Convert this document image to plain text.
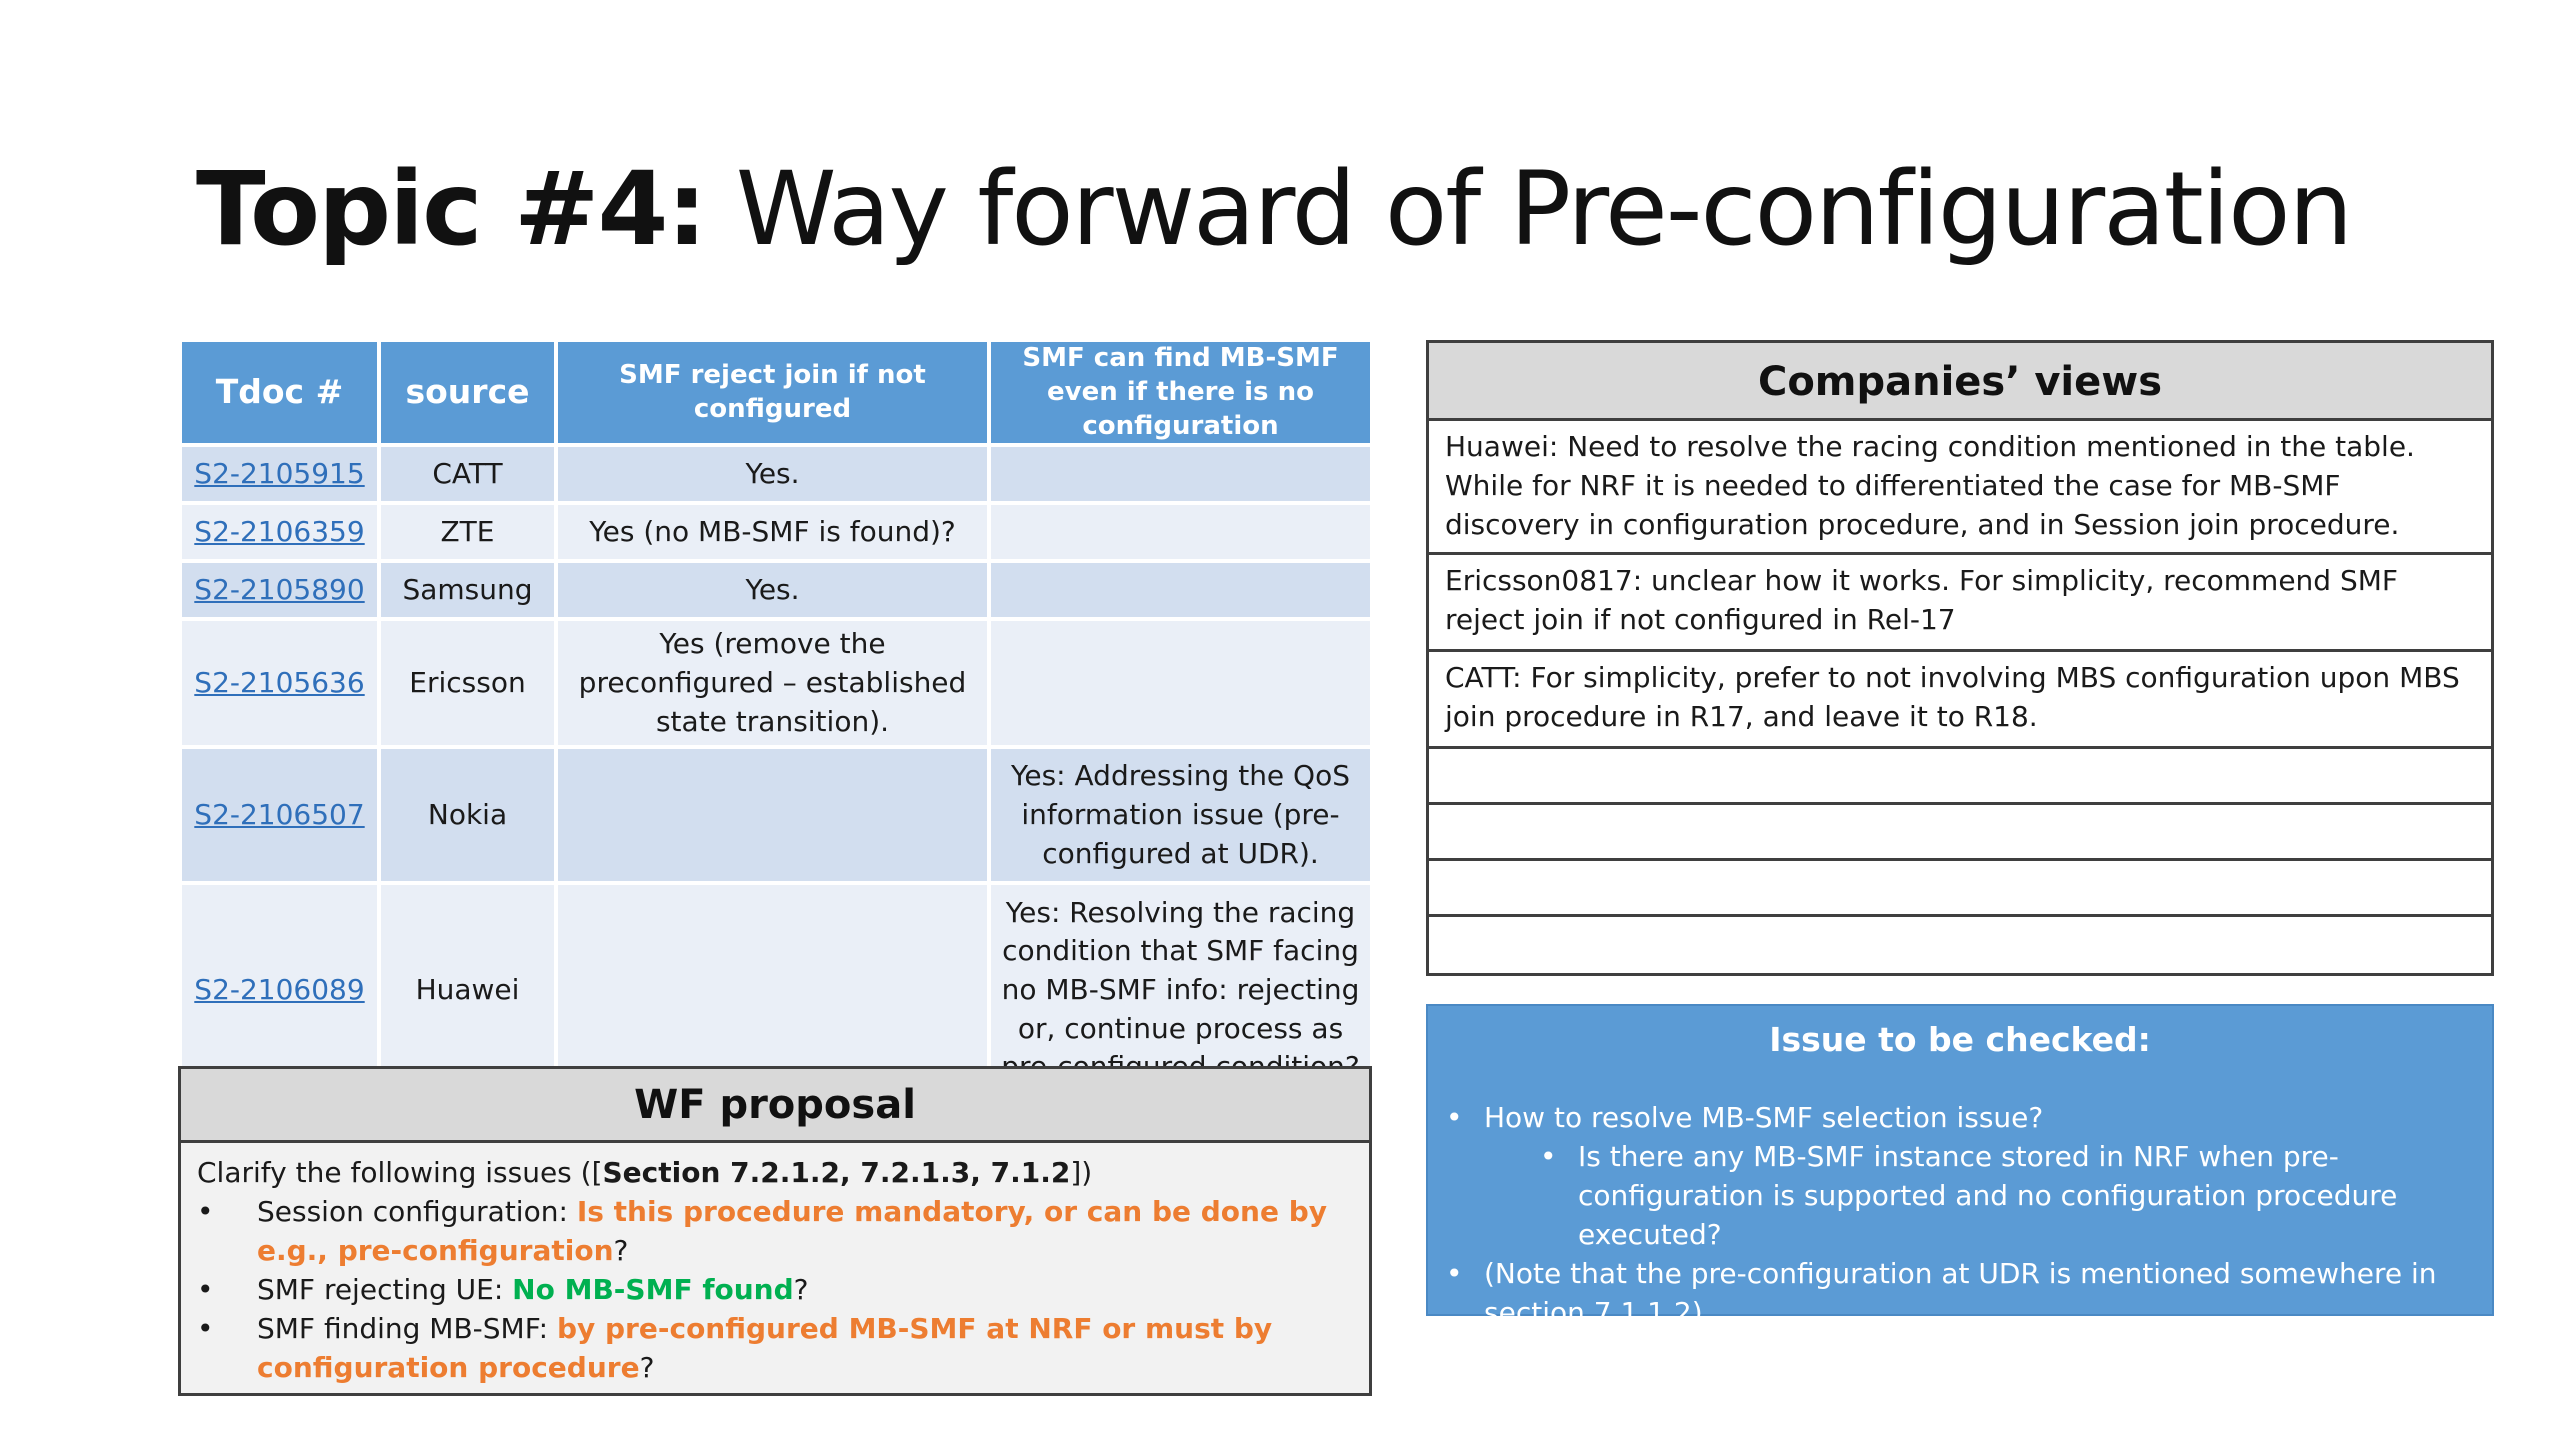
Topic #4: Way forward of Pre-configuration
Tdoc #	source	SMF reject join if not configured	SMF can find MB-SMF even if there is no configuration
S2-2105915	CATT	Yes.	
S2-2106359	ZTE	Yes (no MB-SMF is found)?	
S2-2105890	Samsung	Yes.	
S2-2105636	Ericsson	Yes (remove the preconfigured – established state transition).	
S2-2106507	Nokia		Yes: Addressing the QoS information issue (pre-configured at UDR).
S2-2106089	Huawei		Yes: Resolving the racing condition that SMF facing no MB-SMF info: rejecting or, continue process as
WF proposal
Clarify the following issues ([Section 7.2.1.2, 7.2.1.3, 7.1.2])
•	Session configuration: Is this procedure mandatory, or can be done by e.g., pre-configuration?
•	SMF rejecting UE: No MB-SMF found?
•	SMF finding MB-SMF: by pre-configured MB-SMF at NRF or must by configuration procedure?
Companies’ views
Huawei: Need to resolve the racing condition mentioned in the table. While for NRF it is needed to differentiated the case for MB-SMF discovery in configuration procedure, and in Session join procedure.
Ericsson0817: unclear how it works. For simplicity, recommend SMF reject join if not configured in Rel-17
CATT: For simplicity, prefer to not involving MBS configuration upon MBS join procedure in R17, and leave it to R18.
Issue to be checked:
• How to resolve MB-SMF selection issue?
• Is there any MB-SMF instance stored in NRF when pre-configuration is supported and no configuration procedure executed?
• (Note that the pre-configuration at UDR is mentioned somewhere in section 7.1.1.2)
